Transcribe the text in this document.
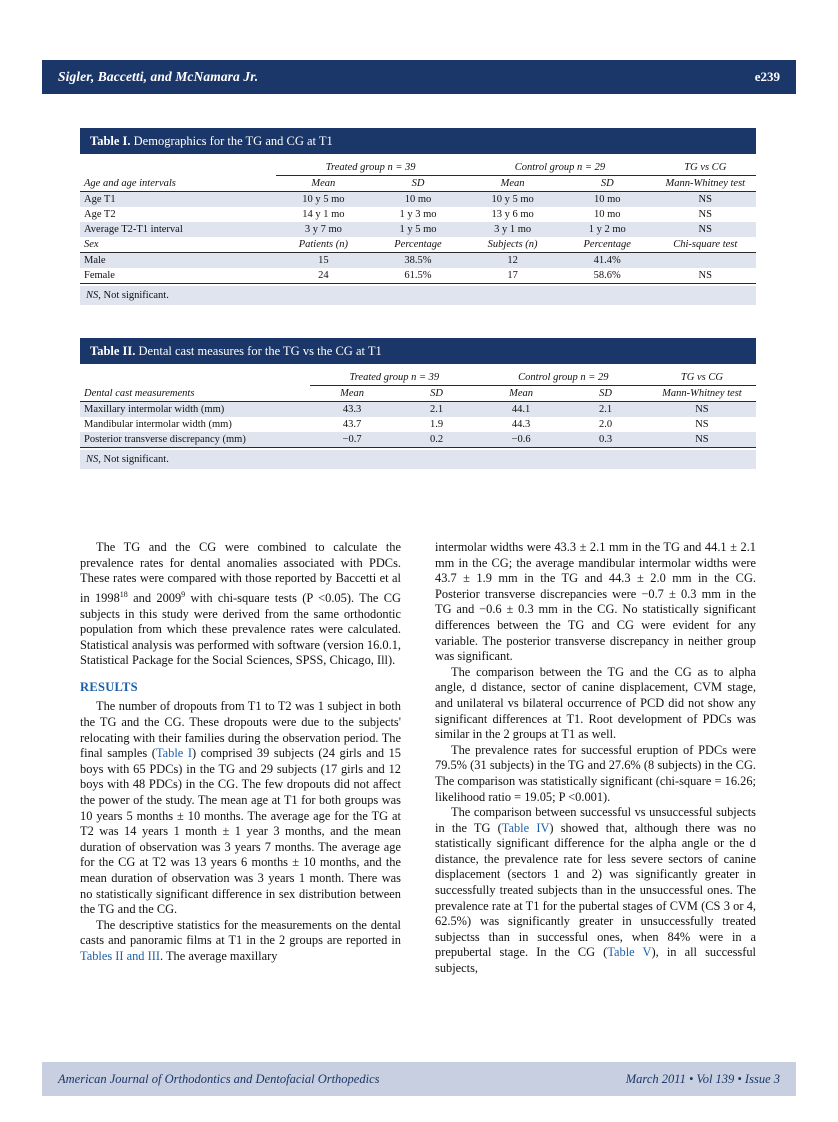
Sigler, Baccetti, and McNamara Jr.	e239
Table I. Demographics for the TG and CG at T1
	Treated group n = 39		Control group n = 29		TG vs CG
Age and age intervals	Mean	SD	Mean	SD	Mann-Whitney test
Age T1	10 y 5 mo	10 mo	10 y 5 mo	10 mo	NS
Age T2	14 y 1 mo	1 y 3 mo	13 y 6 mo	10 mo	NS
Average T2-T1 interval	3 y 7 mo	1 y 5 mo	3 y 1 mo	1 y 2 mo	NS
Sex	Patients (n)	Percentage	Subjects (n)	Percentage	Chi-square test
Male	15	38.5%	12	41.4%	
Female	24	61.5%	17	58.6%	NS
NS, Not significant.
Table II. Dental cast measures for the TG vs the CG at T1
	Treated group n = 39		Control group n = 29		TG vs CG
Dental cast measurements	Mean	SD	Mean	SD	Mann-Whitney test
Maxillary intermolar width (mm)	43.3	2.1	44.1	2.1	NS
Mandibular intermolar width (mm)	43.7	1.9	44.3	2.0	NS
Posterior transverse discrepancy (mm)	−0.7	0.2	−0.6	0.3	NS
NS, Not significant.

The TG and the CG were combined to calculate the prevalence rates for dental anomalies associated with PDCs. These rates were compared with those reported by Baccetti et al in 1998$^{18}$ and 2009$^9$ with chi-square tests (P <0.05). The CG subjects in this study were derived from the same orthodontic population from which these prevalence rates were calculated. Statistical analysis was performed with software (version 16.0.1, Statistical Package for the Social Sciences, SPSS, Chicago, Ill).

RESULTS

The number of dropouts from T1 to T2 was 1 subject in both the TG and the CG. These dropouts were due to the subjects' relocating with their families during the observation period. The final samples (Table I) comprised 39 subjects (24 girls and 15 boys with 65 PDCs) in the TG and 29 subjects (17 girls and 12 boys with 48 PDCs) in the CG. The few dropouts did not affect the power of the study. The mean age at T1 for both groups was 10 years 5 months ± 10 months. The average age for the TG at T2 was 14 years 1 month ± 1 year 3 months, and the mean duration of observation was 3 years 7 months. The average age for the CG at T2 was 13 years 6 months ± 10 months, and the mean duration of observation was 3 years 1 month. There was no statistically significant difference in sex distribution between the TG and the CG.

The descriptive statistics for the measurements on the dental casts and panoramic films at T1 in the 2 groups are reported in Tables II and III. The average maxillary

intermolar widths were 43.3 ± 2.1 mm in the TG and 44.1 ± 2.1 mm in the CG; the average mandibular intermolar widths were 43.7 ± 1.9 mm in the TG and 44.3 ± 2.0 mm in the CG. Posterior transverse discrepancies were −0.7 ± 0.3 mm in the TG and −0.6 ± 0.3 mm in the CG. No statistically significant differences between the TG and CG were evident for any variable. The posterior transverse discrepancy in neither group was significant.

The comparison between the TG and the CG as to alpha angle, d distance, sector of canine displacement, CVM stage, and unilateral vs bilateral occurrence of PCD did not show any significant differences at T1. Root development of PDCs was similar in the 2 groups at T1 as well.

The prevalence rates for successful eruption of PDCs were 79.5% (31 subjects) in the TG and 27.6% (8 subjects) in the CG. The comparison was statistically significant (chi-square = 16.26; likelihood ratio = 19.05; P <0.001).

The comparison between successful vs unsuccessful subjects in the TG (Table IV) showed that, although there was no statistically significant difference for the alpha angle or the d distance, the prevalence rate for less severe sectors of canine displacement (sectors 1 and 2) was significantly greater in successfully treated subjects than in the unsuccessful ones. The prevalence rate at T1 for the pubertal stages of CVM (CS 3 or 4, 62.5%) was significantly greater in unsuccessfully treated subjectss than in successful ones, when 84% were in a prepubertal stage. In the CG (Table V), in all successful subjects,

American Journal of Orthodontics and Dentofacial Orthopedics	March 2011 • Vol 139 • Issue 3
